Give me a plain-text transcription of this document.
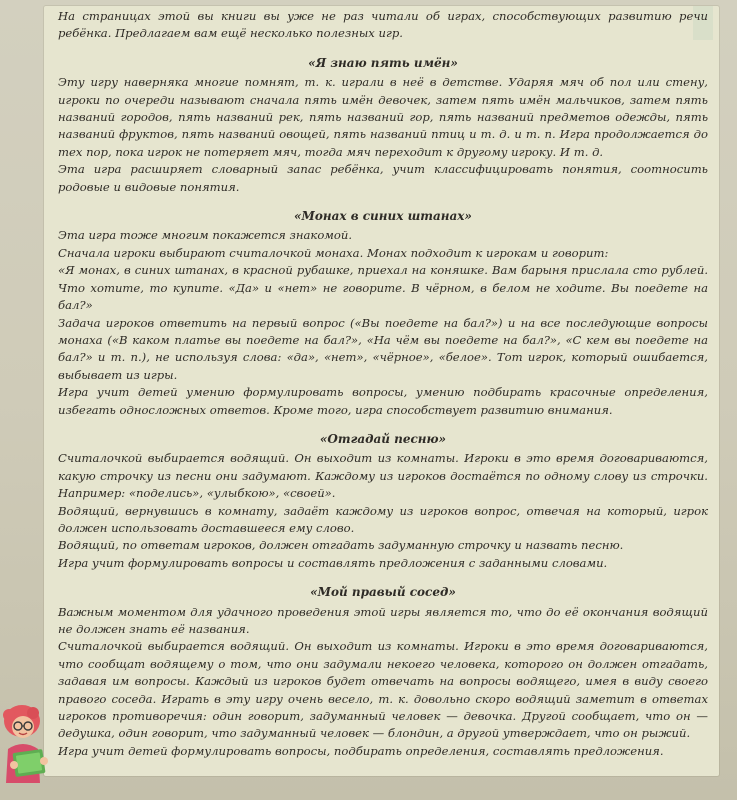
На страницах этой вы книги вы уже не раз читали об играх, способствующих развитию речи ребёнка. Предлагаем вам ещё несколько полезных игр.

«Я знаю пять имён»

Эту игру наверняка многие помнят, т. к. играли в неё в детстве. Ударяя мяч об пол или стену, игроки по очереди называют сначала пять имён девочек, затем пять имён мальчиков, затем пять названий городов, пять названий рек, пять названий гор, пять названий предметов одежды, пять названий фруктов, пять названий овощей, пять названий птиц и т. д. и т. п. Игра продолжается до тех пор, пока игрок не потеряет мяч, тогда мяч переходит к другому игроку. И т. д.

Эта игра расширяет словарный запас ребёнка, учит классифицировать понятия, соотносить родовые и видовые понятия.

«Монах в синих штанах»

Эта игра тоже многим покажется знакомой.

Сначала игроки выбирают считалочкой монаха. Монах подходит к игрокам и говорит:

«Я монах, в синих штанах, в красной рубашке, приехал на коняшке. Вам барыня прислала сто рублей. Что хотите, то купите. «Да» и «нет» не говорите. В чёрном, в белом не ходите. Вы поедете на бал?»

Задача игроков ответить на первый вопрос («Вы поедете на бал?») и на все последующие вопросы монаха («В каком платье вы поедете на бал?», «На чём вы поедете на бал?», «С кем вы поедете на бал?» и т. п.), не используя слова: «да», «нет», «чёрное», «белое». Тот игрок, который ошибается, выбывает из игры.

Игра учит детей умению формулировать вопросы, умению подбирать красочные определения, избегать односложных ответов. Кроме того, игра способствует развитию внимания.

«Отгадай песню»

Считалочкой выбирается водящий. Он выходит из комнаты. Игроки в это время договариваются, какую строчку из песни они задумают. Каждому из игроков достаётся по одному слову из строчки. Например: «поделись», «улыбкою», «своей».

Водящий, вернувшись в комнату, задаёт каждому из игроков вопрос, отвечая на который, игрок должен использовать доставшееся ему слово.

Водящий, по ответам игроков, должен отгадать задуманную строчку и назвать песню.

Игра учит формулировать вопросы и составлять предложения с заданными словами.

«Мой правый сосед»

Важным моментом для удачного проведения этой игры является то, что до её окончания водящий не должен знать её названия.

Считалочкой выбирается водящий. Он выходит из комнаты. Игроки в это время договариваются, что сообщат водящему о том, что они задумали некоего человека, которого он должен отгадать, задавая им вопросы. Каждый из игроков будет отвечать на вопросы водящего, имея в виду своего правого соседа. Играть в эту игру очень весело, т. к. довольно скоро водящий заметит в ответах игроков противоречия: один говорит, задуманный человек — девочка. Другой сообщает, что он — дедушка, один говорит, что задуманный человек — блондин, а другой утверждает, что он рыжий.

Игра учит детей формулировать вопросы, подбирать определения, составлять предложения.
